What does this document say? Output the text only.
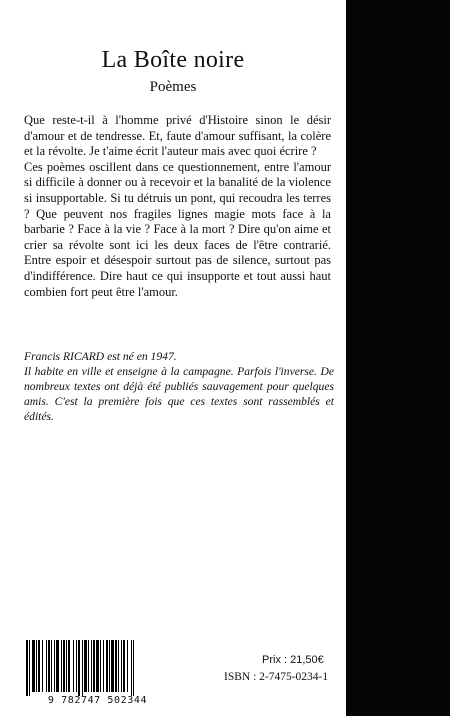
La Boîte noire
Poèmes

Que reste-t-il à l'homme privé d'Histoire sinon le désir d'amour et de tendresse. Et, faute d'amour suffisant, la colère et la révolte. Je t'aime écrit l'auteur mais avec quoi écrire ?

Ces poèmes oscillent dans ce questionnement, entre l'amour si difficile à donner ou à recevoir et la banalité de la violence si insupportable. Si tu détruis un pont, qui recoudra les terres ? Que peuvent nos fragiles lignes magie mots face à la barbarie ? Face à la vie ? Face à la mort ? Dire qu'on aime et crier sa révolte sont ici les deux faces de l'être contrarié. Entre espoir et désespoir surtout pas de silence, surtout pas d'indifférence. Dire haut ce qui insupporte et tout aussi haut combien fort peut être l'amour.

Francis RICARD est né en 1947.

Il habite en ville et enseigne à la campagne. Parfois l'inverse. De nombreux textes ont déjà été publiés sauvagement pour quelques amis. C'est la première fois que ces textes sont rassemblés et édités.

9 782747 502344
Prix : 21,50€
ISBN : 2-7475-0234-1
